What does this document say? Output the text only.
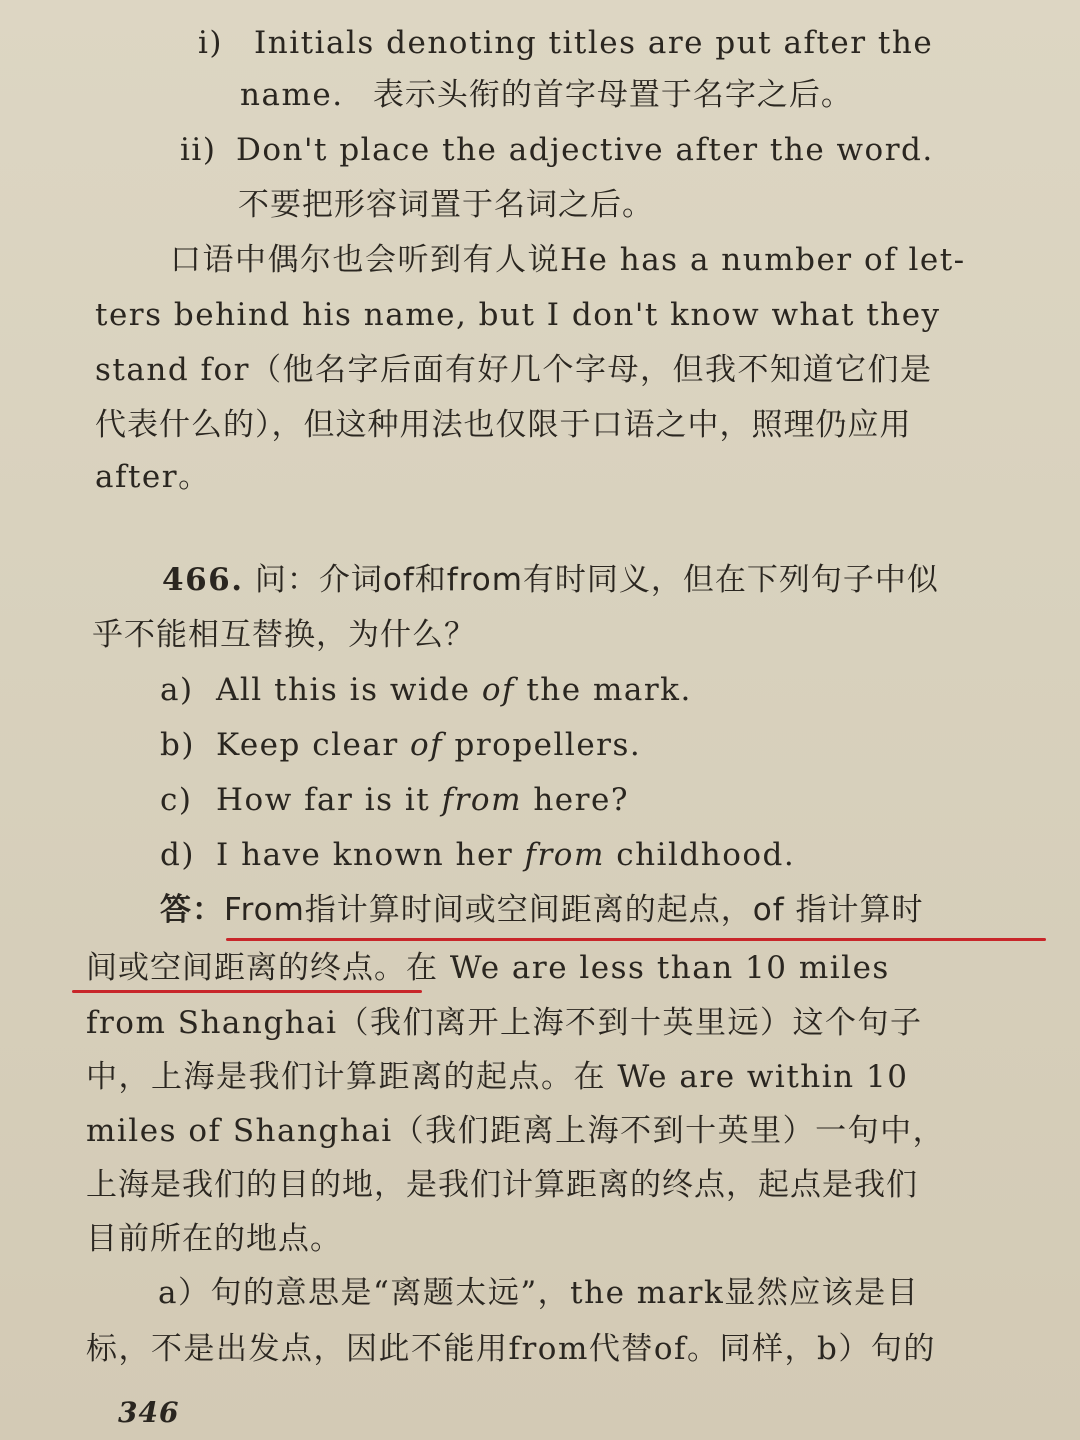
i) Initials denoting titles are put after the
name. 表示头衔的首字母置于名字之后。
ii) Don't place the adjective after the word.
不要把形容词置于名词之后。
口语中偶尔也会听到有人说He has a number of let-
ters behind his name, but I don't know what they
stand for（他名字后面有好几个字母，但我不知道它们是
代表什么的），但这种用法也仅限于口语之中，照理仍应用
after。
466. 问：介词of和from有时同义，但在下列句子中似
乎不能相互替换，为什么？
a) All this is wide of the mark.
b) Keep clear of propellers.
c) How far is it from here?
d) I have known her from childhood.
答：From指计算时间或空间距离的起点，of 指计算时
间或空间距离的终点。在 We are less than 10 miles
from Shanghai（我们离开上海不到十英里远）这个句子
中，上海是我们计算距离的起点。在 We are within 10
miles of Shanghai（我们距离上海不到十英里）一句中，
上海是我们的目的地，是我们计算距离的终点，起点是我们
目前所在的地点。
a）句的意思是“离题太远”，the mark显然应该是目
标，不是出发点，因此不能用from代替of。同样，b）句的
346
